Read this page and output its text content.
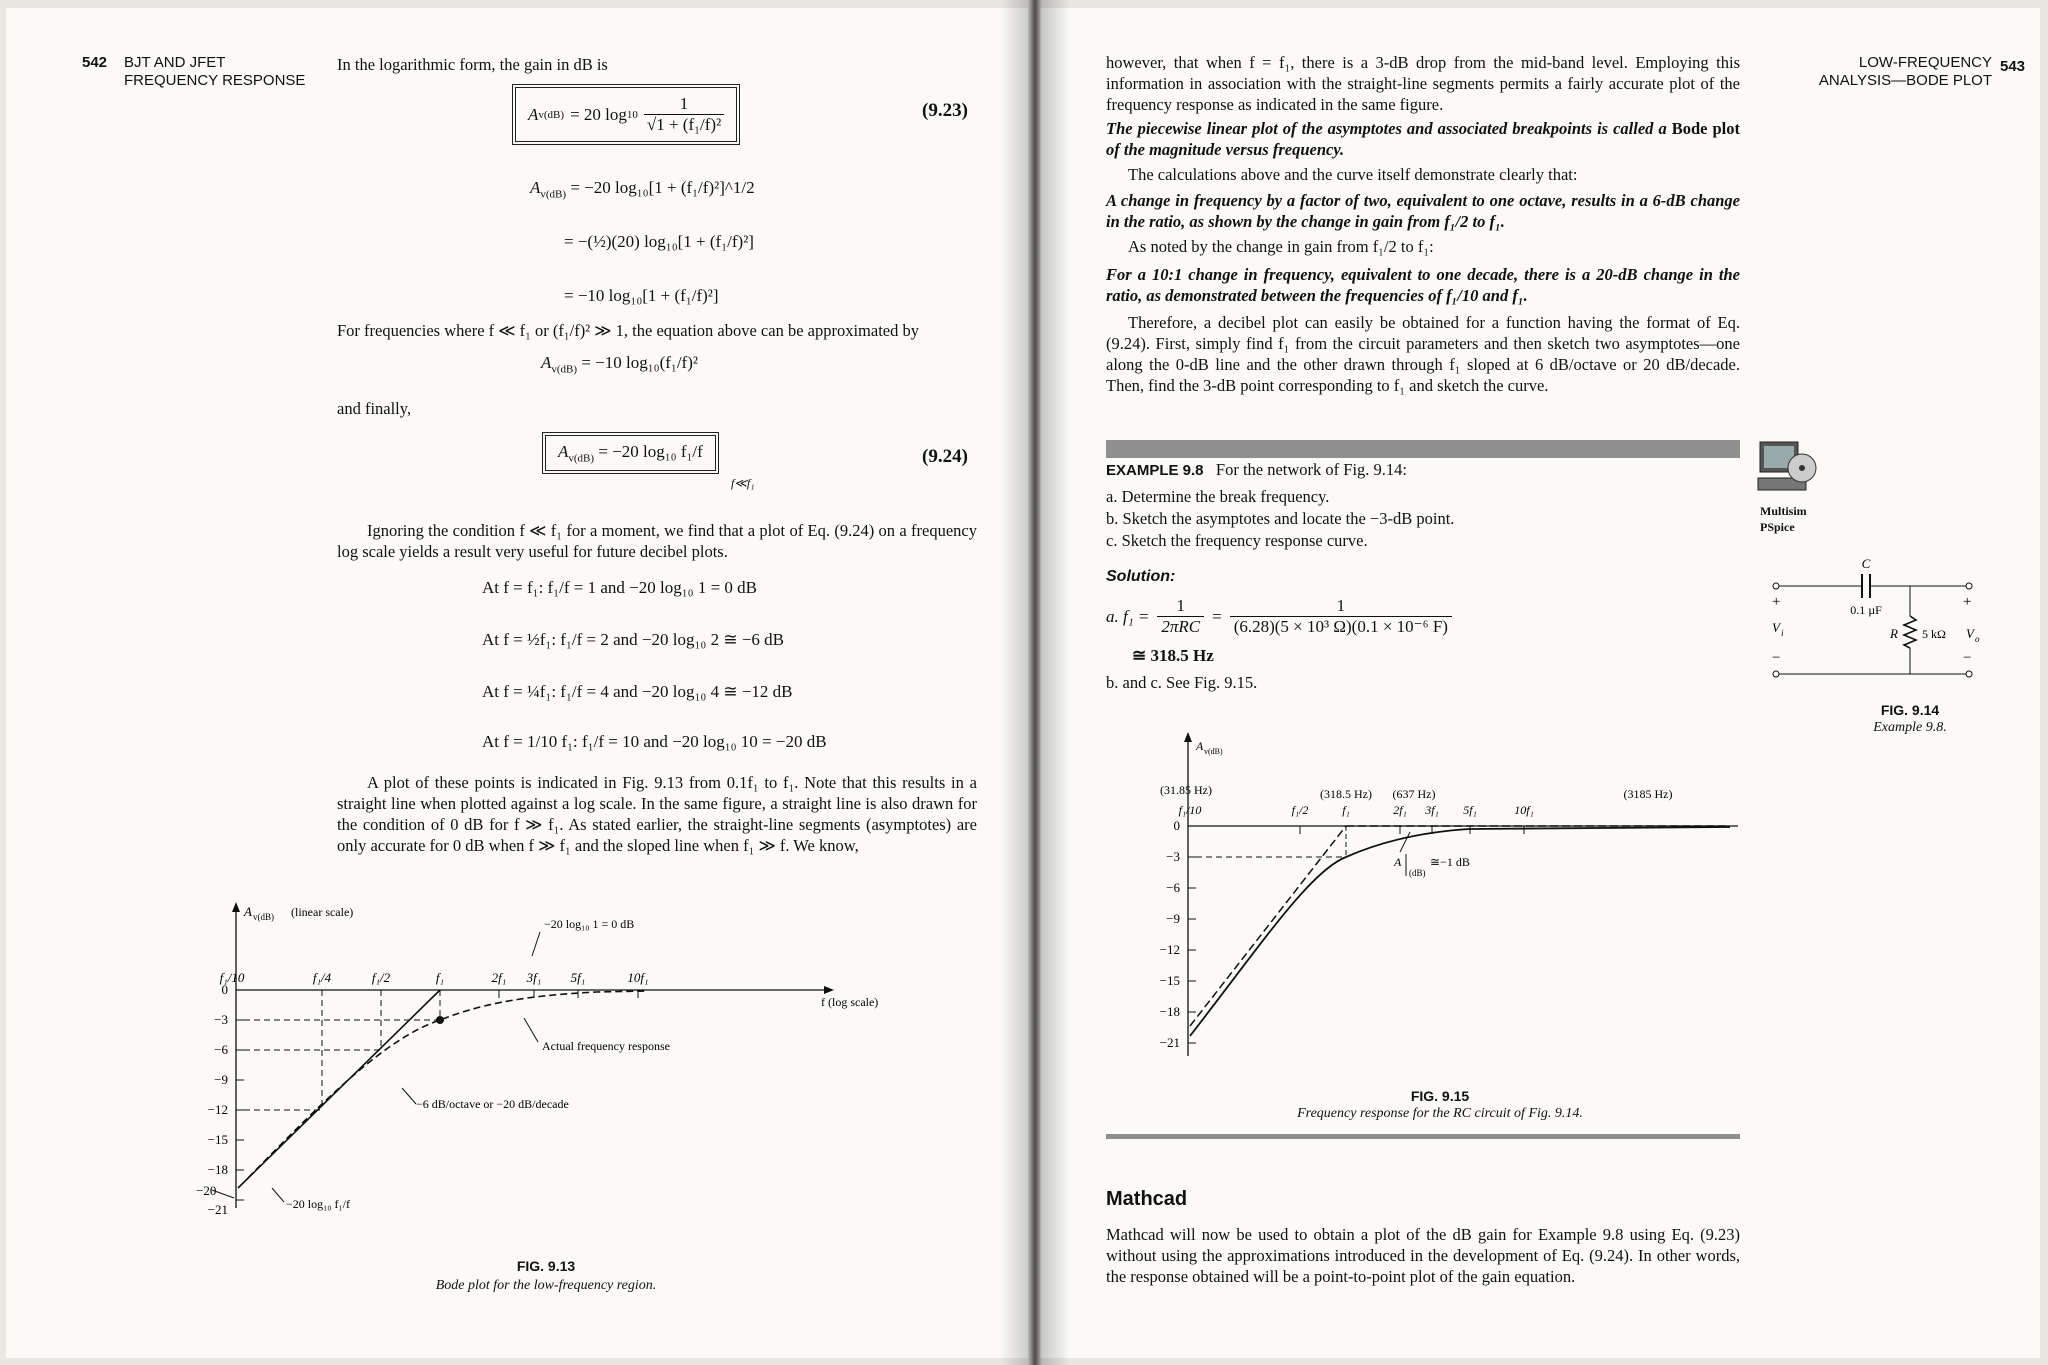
542 BJT AND JFET
FREQUENCY RESPONSE
In the logarithmic form, the gain in dB is
A v(dB) = 20 $\log 10 \frac{1}{\text{√1 + (f₁/f)²}}$	(9.23)
$A_{v(dB)} = -20$ log₁₀[1 + (f₁/f)²]^1/2
= −(½)(20) log₁₀[1 + (f₁/f)²]
= −10 log₁₀[1 + (f₁/f)²]
For frequencies where f ≪ f₁ or (f₁/f)² ≫ 1, the equation above can be approximated by
$A_{v(dB)} = -10$ log₁₀(f₁/f)²
and finally,
$A_{v(dB)} = -20$ log₁₀ f₁/f
f≪f₁
(9.24)
Ignoring the condition f ≪ f₁ for a moment, we find that a plot of Eq. (9.24) on a frequency log scale yields a result very useful for future decibel plots.
At f = f₁: f₁/f = 1 and −20 log₁₀ 1 = 0 dB
At f = ½f₁: f₁/f = 2 and −20 log₁₀ 2 ≅ −6 dB
At f = ¼f₁: f₁/f = 4 and −20 log₁₀ 4 ≅ −12 dB
At f = 1/10 f₁: f₁/f = 10 and −20 log₁₀ 10 = −20 dB
A plot of these points is indicated in Fig. 9.13 from 0.1f₁ to f₁. Note that this results in a straight line when plotted against a log scale. In the same figure, a straight line is also drawn for the condition of 0 dB for f ≫ f₁. As stated earlier, the straight-line segments (asymptotes) are only accurate for 0 dB when f ≫ f₁ and the sloped line when f₁ ≫ f. We know,
A v(dB) (linear scale)
f (log scale)
0
−3
−6
−9
−12
−15
−18
−21
−20
f₁/10	f₁/4	f₁/2	f₁	2f₁ 3f₁ 5f₁	10f₁
−20 log₁₀ 1 = 0 dB
Actual frequency response
−6 dB/octave or −20 dB/decade
−20 log₁₀ f₁/f
FIG. 9.13
Bode plot for the low-frequency region.
LOW-FREQUENCY
ANALYSIS—BODE PLOT
543
however, that when f = f₁, there is a 3-dB drop from the mid-band level. Employing this information in association with the straight-line segments permits a fairly accurate plot of the frequency response as indicated in the same figure.
The piecewise linear plot of the asymptotes and associated breakpoints is called a Bode plot of the magnitude versus frequency.
The calculations above and the curve itself demonstrate clearly that:
A change in frequency by a factor of two, equivalent to one octave, results in a 6-dB change in the ratio, as shown by the change in gain from f₁/2 to f₁.
As noted by the change in gain from f₁/2 to f₁:
For a 10:1 change in frequency, equivalent to one decade, there is a 20-dB change in the ratio, as demonstrated between the frequencies of f₁/10 and f₁.
Therefore, a decibel plot can easily be obtained for a function having the format of Eq. (9.24). First, simply find f₁ from the circuit parameters and then sketch two asymptotes—one along the 0-dB line and the other drawn through f₁ sloped at 6 dB/octave or 20 dB/decade. Then, find the 3-dB point corresponding to f₁ and sketch the curve.
EXAMPLE 9.8 For the network of Fig. 9.14:
a. Determine the break frequency.
b. Sketch the asymptotes and locate the −3-dB point.
c. Sketch the frequency response curve.
Solution:
a. f₁ =
1
2πRC
= $\frac{1}{\text{(6.28)(5 × 10³ Ω)(0.1 × 10⁻⁶ F)}}$
≅ 318.5 Hz
b. and c. See Fig. 9.15.
Multisim
PSpice
C
0.1 µF
R 5 kΩ
+
−
+
−
V i	V o
FIG. 9.14
Example 9.8.
A v(dB)
(31.85 Hz)	(318.5 Hz) (637 Hz)	(3185 Hz)
f₁/10	f₁/2	f₁	2f₁ 3f₁ 5f₁	10f₁
0
−3
−6
−9
−12
−15
−18
−21
A
(dB)
≅−1 dB
FIG. 9.15
Frequency response for the RC circuit of Fig. 9.14.
Mathcad
Mathcad will now be used to obtain a plot of the dB gain for Example 9.8 using Eq. (9.23) without using the approximations introduced in the development of Eq. (9.24). In other words, the response obtained will be a point-to-point plot of the gain equation.
